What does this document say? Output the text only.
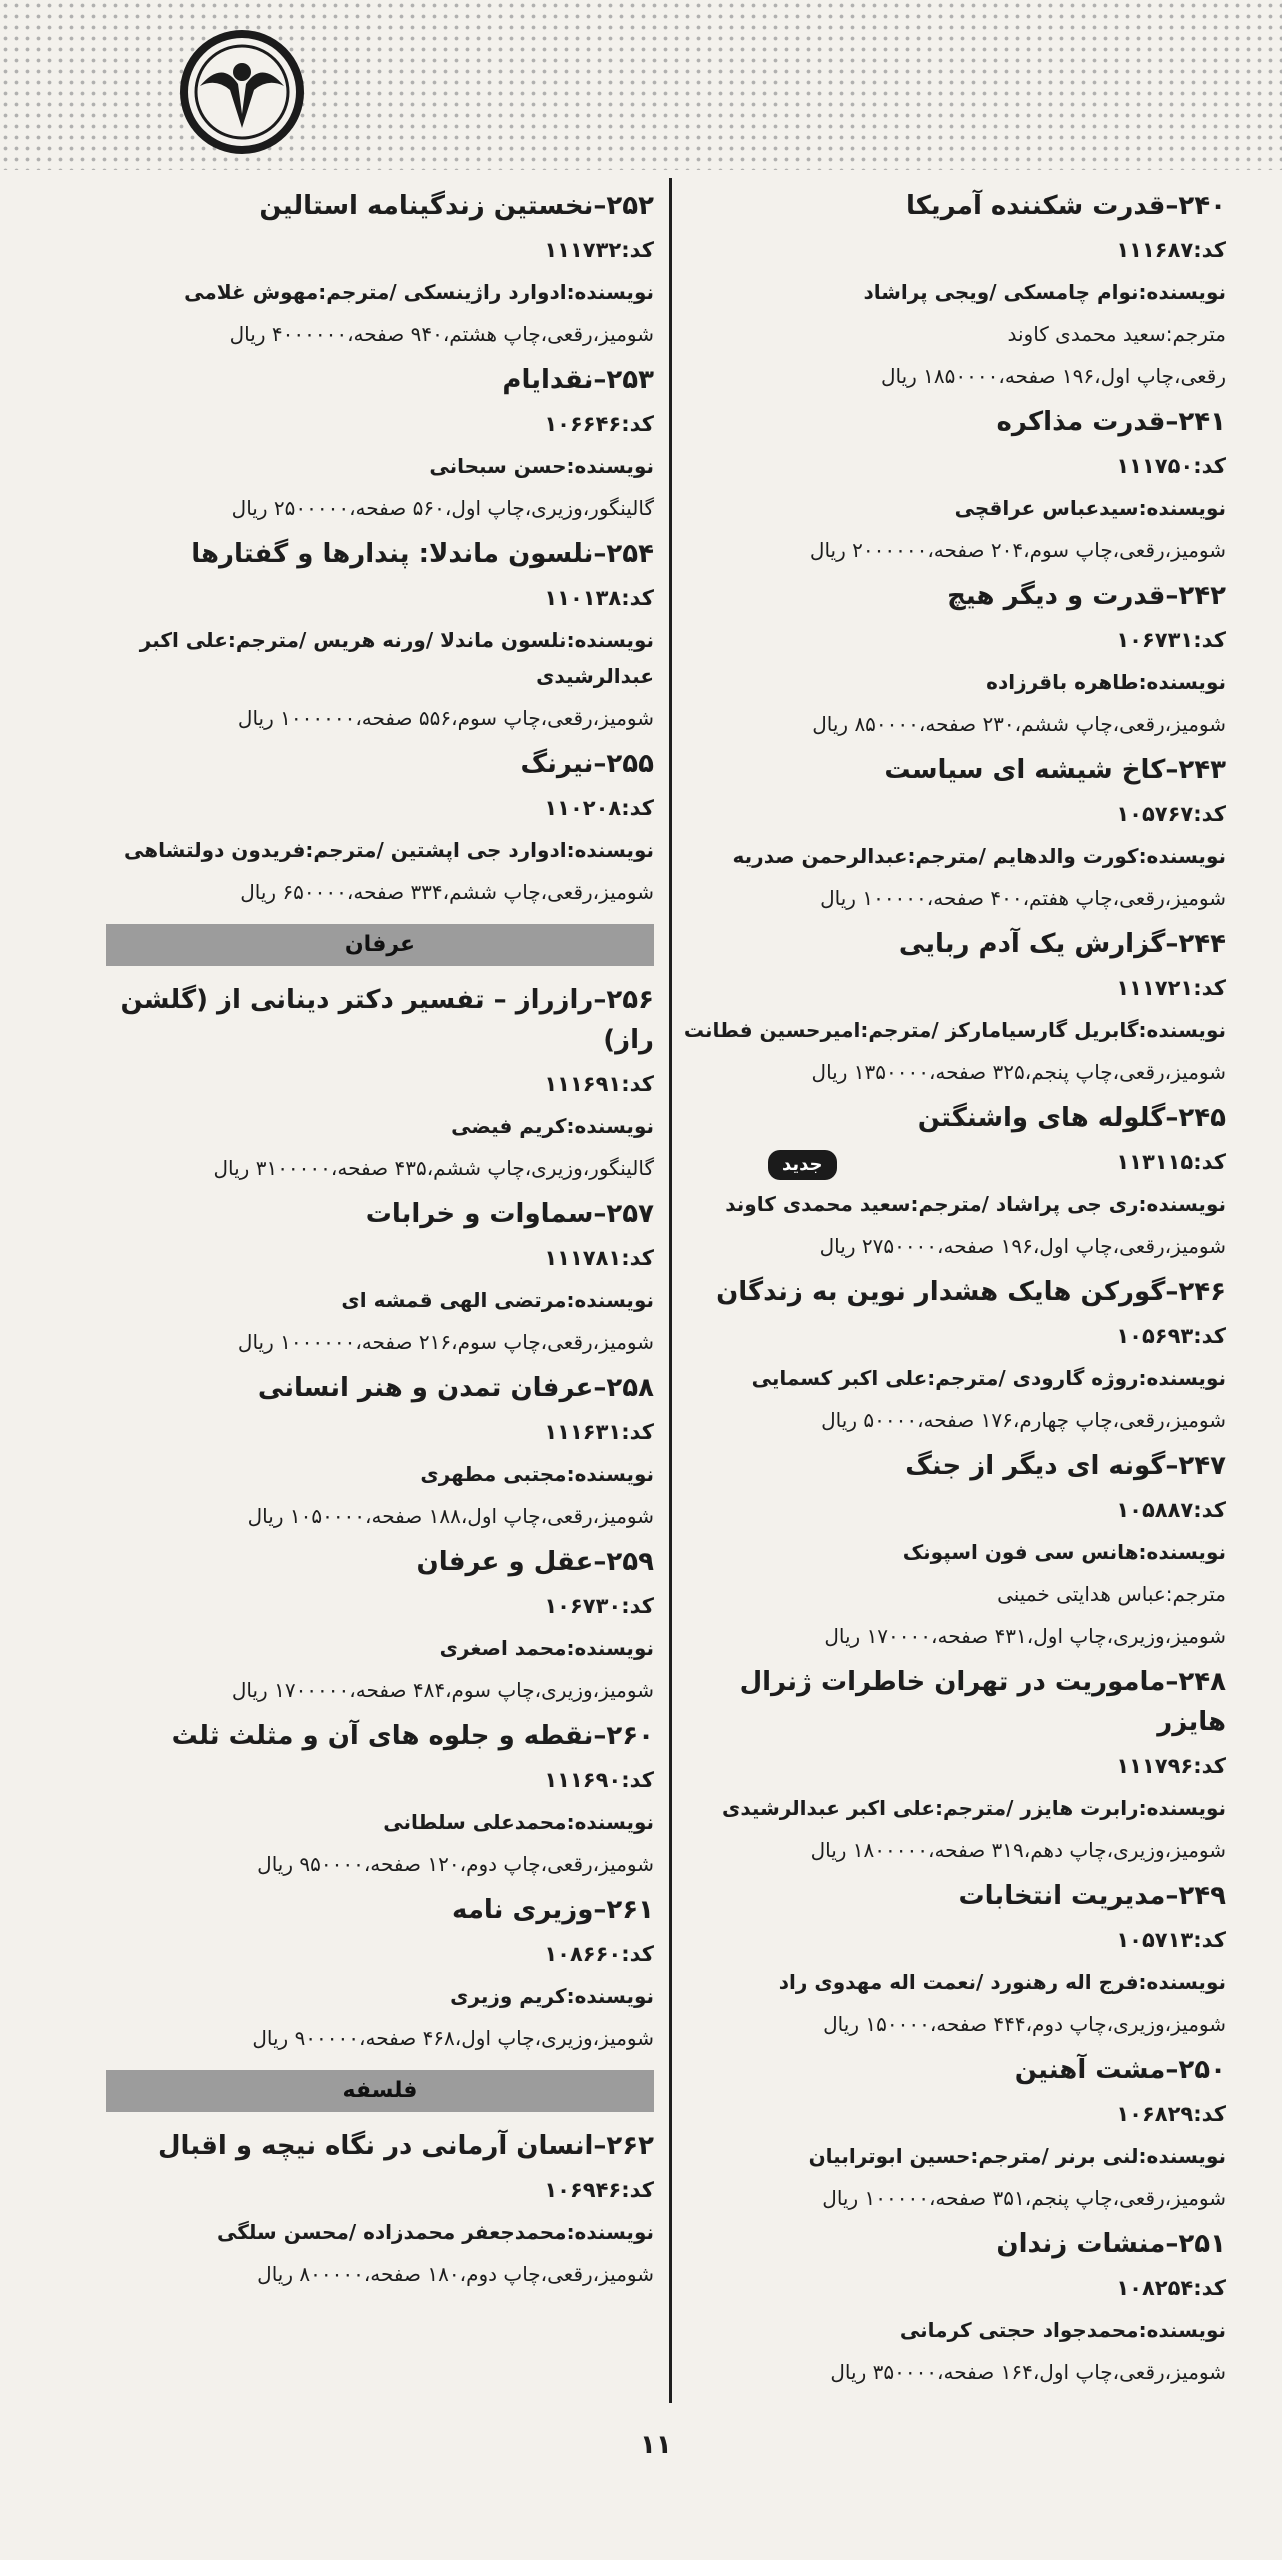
۲۴۰–قدرت شکننده آمریکا
کد:۱۱۱۶۸۷
نویسنده:نوام چامسکی /ویجی پراشاد
مترجم:سعید محمدی کاوند
رقعی،چاپ اول،۱۹۶ صفحه،۱۸۵۰۰۰۰ ریال
۲۴۱–قدرت مذاکره
کد:۱۱۱۷۵۰
نویسنده:سیدعباس عراقچی
شومیز،رقعی،چاپ سوم،۲۰۴ صفحه،۲۰۰۰۰۰۰ ریال
۲۴۲–قدرت و دیگر هیچ
کد:۱۰۶۷۳۱
نویسنده:طاهره باقرزاده
شومیز،رقعی،چاپ ششم،۲۳۰ صفحه،۸۵۰۰۰۰ ریال
۲۴۳–کاخ شیشه ای سیاست
کد:۱۰۵۷۶۷
نویسنده:کورت والدهایم /مترجم:عبدالرحمن صدریه
شومیز،رقعی،چاپ هفتم،۴۰۰ صفحه،۱۰۰۰۰۰ ریال
۲۴۴–گزارش یک آدم ربایی
کد:۱۱۱۷۲۱
نویسنده:گابریل گارسیامارکز /مترجم:امیرحسین فطانت
شومیز،رقعی،چاپ پنجم،۳۲۵ صفحه،۱۳۵۰۰۰۰ ریال
۲۴۵–گلوله های واشنگتن
کد:۱۱۳۱۱۵
جدید
نویسنده:ری جی پراشاد /مترجم:سعید محمدی کاوند
شومیز،رقعی،چاپ اول،۱۹۶ صفحه،۲۷۵۰۰۰۰ ریال
۲۴۶–گورکن هایک هشدار نوین به زندگان
کد:۱۰۵۶۹۳
نویسنده:روژه گارودی /مترجم:علی اکبر کسمایی
شومیز،رقعی،چاپ چهارم،۱۷۶ صفحه،۵۰۰۰۰ ریال
۲۴۷–گونه ای دیگر از جنگ
کد:۱۰۵۸۸۷
نویسنده:هانس سی فون اسپونک
مترجم:عباس هدایتی خمینی
شومیز،وزیری،چاپ اول،۴۳۱ صفحه،۱۷۰۰۰۰ ریال
۲۴۸–ماموریت در تهران خاطرات ژنرال هایزر
کد:۱۱۱۷۹۶
نویسنده:رابرت هایزر /مترجم:علی اکبر عبدالرشیدی
شومیز،وزیری،چاپ دهم،۳۱۹ صفحه،۱۸۰۰۰۰۰ ریال
۲۴۹–مدیریت انتخابات
کد:۱۰۵۷۱۳
نویسنده:فرج اله رهنورد /نعمت اله مهدوی راد
شومیز،وزیری،چاپ دوم،۴۴۴ صفحه،۱۵۰۰۰۰ ریال
۲۵۰–مشت آهنین
کد:۱۰۶۸۲۹
نویسنده:لنی برنر /مترجم:حسین ابوترابیان
شومیز،رقعی،چاپ پنجم،۳۵۱ صفحه،۱۰۰۰۰۰ ریال
۲۵۱–منشات زندان
کد:۱۰۸۲۵۴
نویسنده:محمدجواد حجتی کرمانی
شومیز،رقعی،چاپ اول،۱۶۴ صفحه،۳۵۰۰۰۰ ریال
۲۵۲–نخستین زندگینامه استالین
کد:۱۱۱۷۳۲
نویسنده:ادوارد راژینسکی /مترجم:مهوش غلامی
شومیز،رقعی،چاپ هشتم،۹۴۰ صفحه،۴۰۰۰۰۰۰ ریال
۲۵۳–نقدایام
کد:۱۰۶۶۴۶
نویسنده:حسن سبحانی
گالینگور،وزیری،چاپ اول،۵۶۰ صفحه،۲۵۰۰۰۰۰ ریال
۲۵۴–نلسون ماندلا: پندارها و گفتارها
کد:۱۱۰۱۳۸
نویسنده:نلسون ماندلا /ورنه هریس /مترجم:علی اکبر عبدالرشیدی
شومیز،رقعی،چاپ سوم،۵۵۶ صفحه،۱۰۰۰۰۰۰ ریال
۲۵۵–نیرنگ
کد:۱۱۰۲۰۸
نویسنده:ادوارد جی اپشتین /مترجم:فریدون دولتشاهی
شومیز،رقعی،چاپ ششم،۳۳۴ صفحه،۶۵۰۰۰۰ ریال
عرفان
۲۵۶–رازراز – تفسیر دکتر دینانی از (گلشن راز)
کد:۱۱۱۶۹۱
نویسنده:کریم فیضی
گالینگور،وزیری،چاپ ششم،۴۳۵ صفحه،۳۱۰۰۰۰۰ ریال
۲۵۷–سماوات و خرابات
کد:۱۱۱۷۸۱
نویسنده:مرتضی الهی قمشه ای
شومیز،رقعی،چاپ سوم،۲۱۶ صفحه،۱۰۰۰۰۰۰ ریال
۲۵۸–عرفان تمدن و هنر انسانی
کد:۱۱۱۶۳۱
نویسنده:مجتبی مطهری
شومیز،رقعی،چاپ اول،۱۸۸ صفحه،۱۰۵۰۰۰۰ ریال
۲۵۹–عقل و عرفان
کد:۱۰۶۷۳۰
نویسنده:محمد اصغری
شومیز،وزیری،چاپ سوم،۴۸۴ صفحه،۱۷۰۰۰۰۰ ریال
۲۶۰–نقطه و جلوه های آن و مثلث ثلث
کد:۱۱۱۶۹۰
نویسنده:محمدعلی سلطانی
شومیز،رقعی،چاپ دوم،۱۲۰ صفحه،۹۵۰۰۰۰ ریال
۲۶۱–وزیری نامه
کد:۱۰۸۶۶۰
نویسنده:کریم وزیری
شومیز،وزیری،چاپ اول،۴۶۸ صفحه،۹۰۰۰۰۰ ریال
فلسفه
۲۶۲–انسان آرمانی در نگاه نیچه و اقبال
کد:۱۰۶۹۴۶
نویسنده:محمدجعفر محمدزاده /محسن سلگی
شومیز،رقعی،چاپ دوم،۱۸۰ صفحه،۸۰۰۰۰۰ ریال
۱۱
